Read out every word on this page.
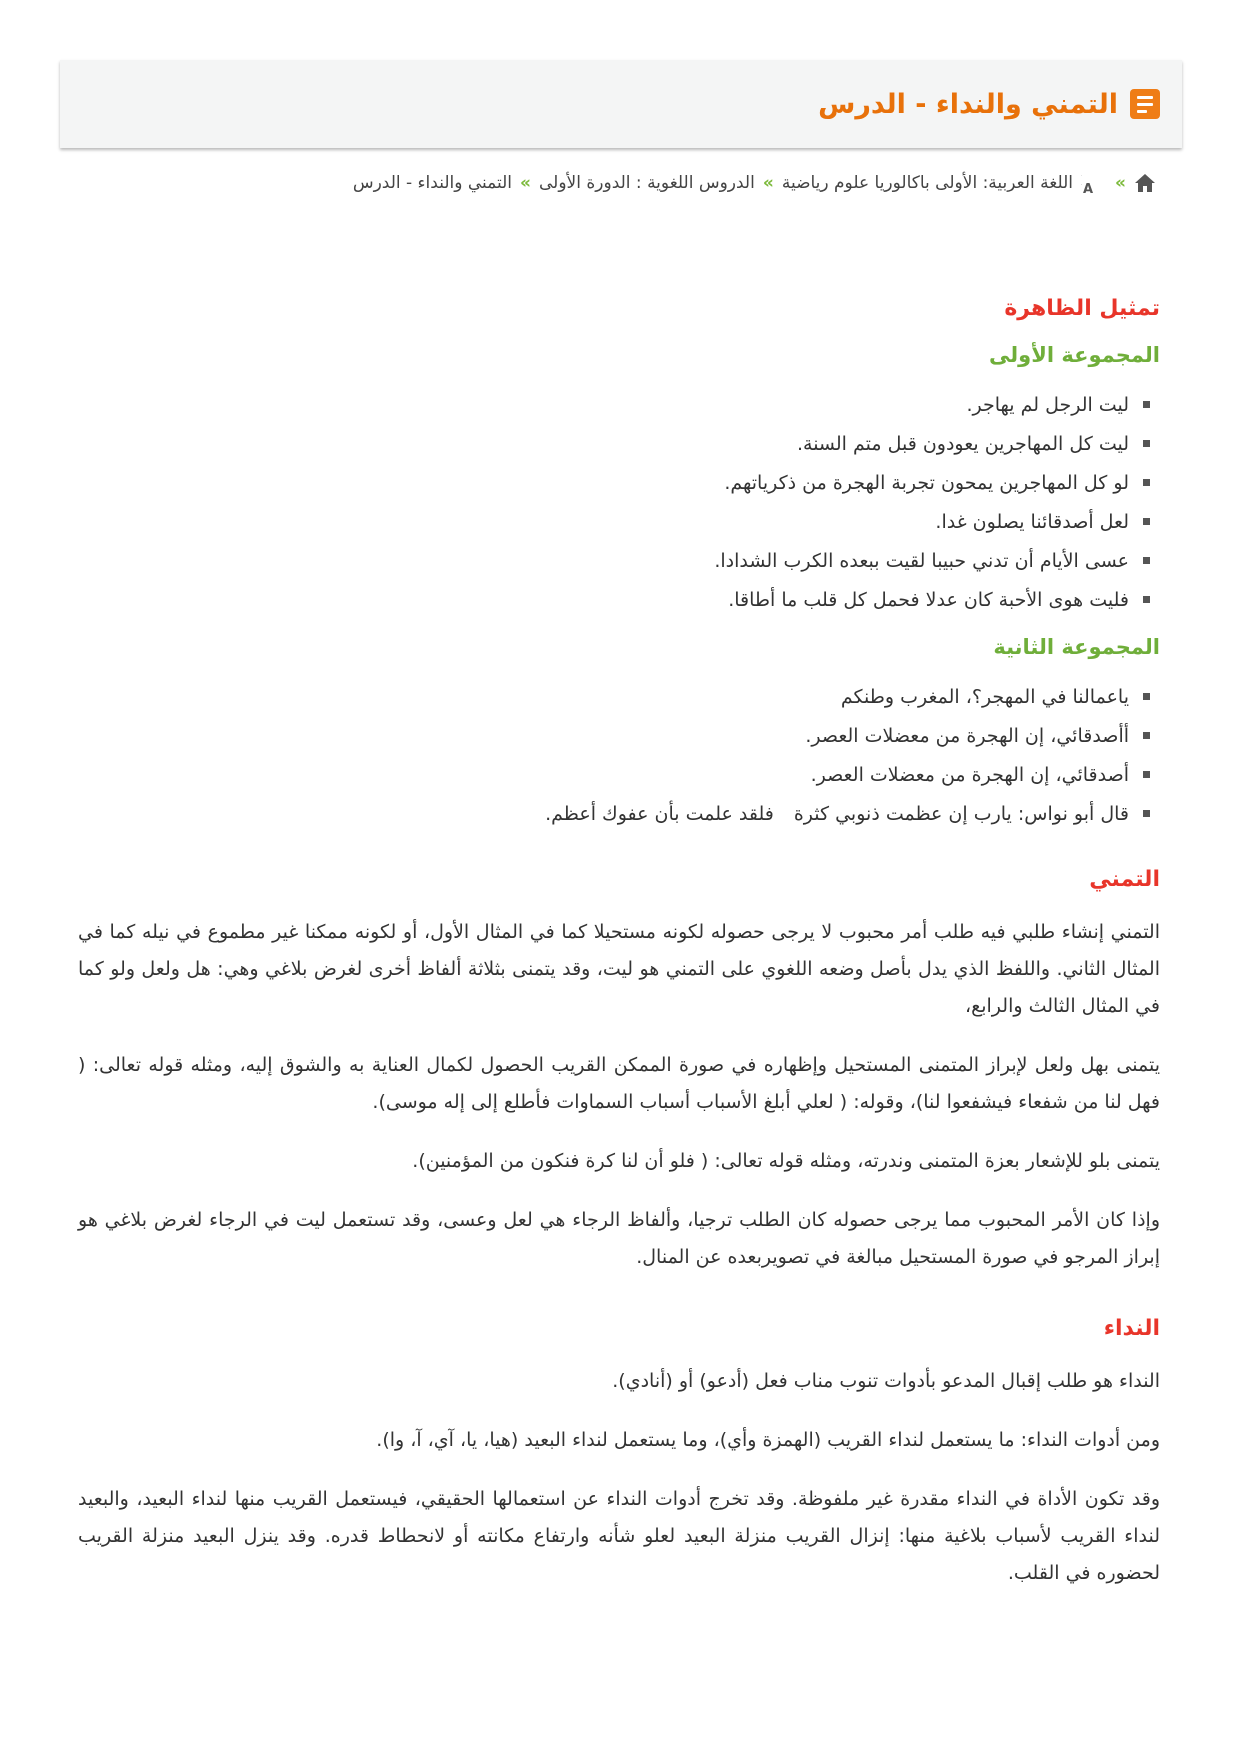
التمني والنداء - الدرس
»
A
اللغة العربية: الأولى باكالوريا علوم رياضية
»
الدروس اللغوية : الدورة الأولى
»
التمني والنداء - الدرس
تمثيل الظاهرة
المجموعة الأولى
ليت الرجل لم يهاجر.
ليت كل المهاجرين يعودون قبل متم السنة.
لو كل المهاجرين يمحون تجربة الهجرة من ذكرياتهم.
لعل أصدقائنا يصلون غدا.
عسى الأيام أن تدني حبيبا لقيت ببعده الكرب الشدادا.
فليت هوى الأحبة كان عدلا فحمل كل قلب ما أطاقا.
المجموعة الثانية
ياعمالنا في المهجر؟، المغرب وطنكم
أأصدقائي، إن الهجرة من معضلات العصر.
أصدقائي، إن الهجرة من معضلات العصر.
قال أبو نواس: يارب إن عظمت ذنوبي كثرة
فلقد علمت بأن عفوك أعظم.
التمني

التمني إنشاء طلبي فيه طلب أمر محبوب لا يرجى حصوله لكونه مستحيلا كما في المثال الأول، أو لكونه ممكنا غير مطموع في نيله كما في المثال الثاني. واللفظ الذي يدل بأصل وضعه اللغوي على التمني هو ليت، وقد يتمنى بثلاثة ألفاظ أخرى لغرض بلاغي وهي: هل ولعل ولو كما في المثال الثالث والرابع،

يتمنى بهل ولعل لإبراز المتمنى المستحيل وإظهاره في صورة الممكن القريب الحصول لكمال العناية به والشوق إليه، ومثله قوله تعالى: ( فهل لنا من شفعاء فيشفعوا لنا)، وقوله: ( لعلي أبلغ الأسباب أسباب السماوات فأطلع إلى إله موسى).

يتمنى بلو للإشعار بعزة المتمنى وندرته، ومثله قوله تعالى: ( فلو أن لنا كرة فنكون من المؤمنين).

وإذا كان الأمر المحبوب مما يرجى حصوله كان الطلب ترجيا، وألفاظ الرجاء هي لعل وعسى، وقد تستعمل ليت في الرجاء لغرض بلاغي هو إبراز المرجو في صورة المستحيل مبالغة في تصويربعده عن المنال.

النداء

النداء هو طلب إقبال المدعو بأدوات تنوب مناب فعل (أدعو) أو (أنادي).

ومن أدوات النداء: ما يستعمل لنداء القريب (الهمزة وأي)، وما يستعمل لنداء البعيد (هيا، يا، آي، آ، وا).

وقد تكون الأداة في النداء مقدرة غير ملفوظة. وقد تخرج أدوات النداء عن استعمالها الحقيقي، فيستعمل القريب منها لنداء البعيد، والبعيد لنداء القريب لأسباب بلاغية منها: إنزال القريب منزلة البعيد لعلو شأنه وارتفاع مكانته أو لانحطاط قدره. وقد ينزل البعيد منزلة القريب لحضوره في القلب.
